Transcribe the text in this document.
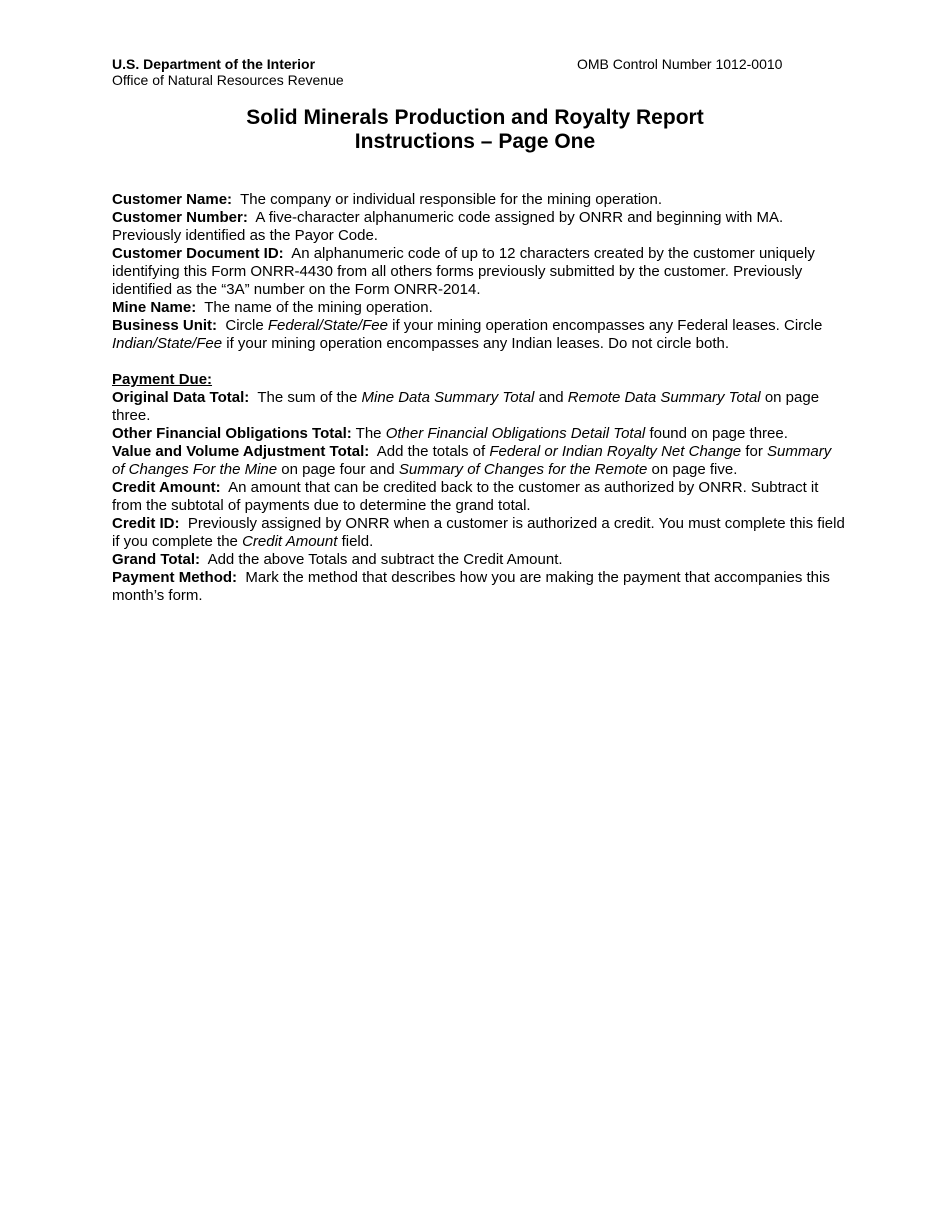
U.S. Department of the Interior
Office of Natural Resources Revenue
OMB Control Number 1012-0010
Solid Minerals Production and Royalty Report
Instructions – Page One

Customer Name: The company or individual responsible for the mining operation.

Customer Number: A five-character alphanumeric code assigned by ONRR and beginning with MA. Previously identified as the Payor Code.

Customer Document ID: An alphanumeric code of up to 12 characters created by the customer uniquely identifying this Form ONRR-4430 from all others forms previously submitted by the customer. Previously identified as the “3A” number on the Form ONRR-2014.

Mine Name: The name of the mining operation.

Business Unit: Circle Federal/State/Fee if your mining operation encompasses any Federal leases. Circle Indian/State/Fee if your mining operation encompasses any Indian leases. Do not circle both.

Payment Due:

Original Data Total: The sum of the Mine Data Summary Total and Remote Data Summary Total on page three.

Other Financial Obligations Total: The Other Financial Obligations Detail Total found on page three.

Value and Volume Adjustment Total: Add the totals of Federal or Indian Royalty Net Change for Summary of Changes For the Mine on page four and Summary of Changes for the Remote on page five.

Credit Amount: An amount that can be credited back to the customer as authorized by ONRR. Subtract it from the subtotal of payments due to determine the grand total.

Credit ID: Previously assigned by ONRR when a customer is authorized a credit. You must complete this field if you complete the Credit Amount field.

Grand Total: Add the above Totals and subtract the Credit Amount.

Payment Method: Mark the method that describes how you are making the payment that accompanies this month’s form.
